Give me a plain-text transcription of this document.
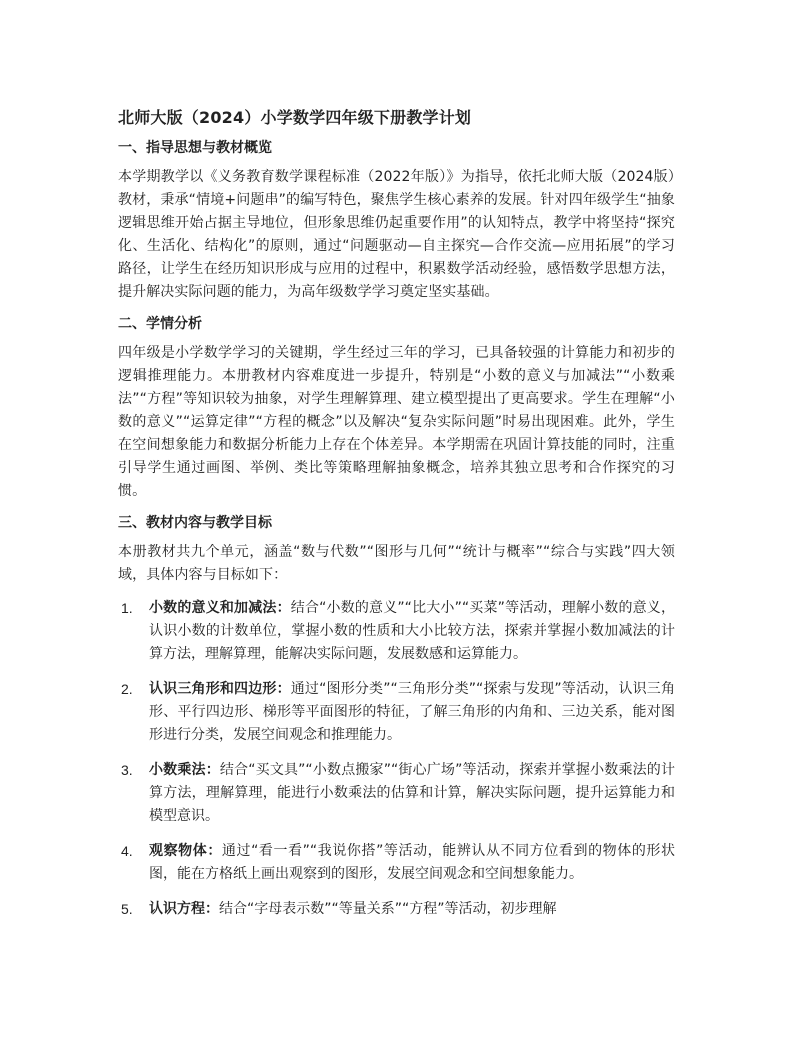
北师大版（2024）小学数学四年级下册教学计划
一、指导思想与教材概览

本学期教学以《义务教育数学课程标准（2022年版）》为指导，依托北师大版（2024版）教材，秉承“情境+问题串”的编写特色，聚焦学生核心素养的发展。针对四年级学生“抽象逻辑思维开始占据主导地位，但形象思维仍起重要作用”的认知特点，教学中将坚持“探究化、生活化、结构化”的原则，通过“问题驱动—自主探究—合作交流—应用拓展”的学习路径，让学生在经历知识形成与应用的过程中，积累数学活动经验，感悟数学思想方法，提升解决实际问题的能力，为高年级数学学习奠定坚实基础。

二、学情分析

四年级是小学数学学习的关键期，学生经过三年的学习，已具备较强的计算能力和初步的逻辑推理能力。本册教材内容难度进一步提升，特别是“小数的意义与加减法”“小数乘法”“方程”等知识较为抽象，对学生理解算理、建立模型提出了更高要求。学生在理解“小数的意义”“运算定律”“方程的概念”以及解决“复杂实际问题”时易出现困难。此外，学生在空间想象能力和数据分析能力上存在个体差异。本学期需在巩固计算技能的同时，注重引导学生通过画图、举例、类比等策略理解抽象概念，培养其独立思考和合作探究的习惯。

三、教材内容与教学目标

本册教材共九个单元，涵盖“数与代数”“图形与几何”“统计与概率”“综合与实践”四大领域，具体内容与目标如下：

1. 小数的意义和加减法：结合“小数的意义”“比大小”“买菜”等活动，理解小数的意义，认识小数的计数单位，掌握小数的性质和大小比较方法，探索并掌握小数加减法的计算方法，理解算理，能解决实际问题，发展数感和运算能力。
2. 认识三角形和四边形：通过“图形分类”“三角形分类”“探索与发现”等活动，认识三角形、平行四边形、梯形等平面图形的特征，了解三角形的内角和、三边关系，能对图形进行分类，发展空间观念和推理能力。
3. 小数乘法：结合“买文具”“小数点搬家”“街心广场”等活动，探索并掌握小数乘法的计算方法，理解算理，能进行小数乘法的估算和计算，解决实际问题，提升运算能力和模型意识。
4. 观察物体：通过“看一看”“我说你搭”等活动，能辨认从不同方位看到的物体的形状图，能在方格纸上画出观察到的图形，发展空间观念和空间想象能力。
5. 认识方程：结合“字母表示数”“等量关系”“方程”等活动，初步理解
